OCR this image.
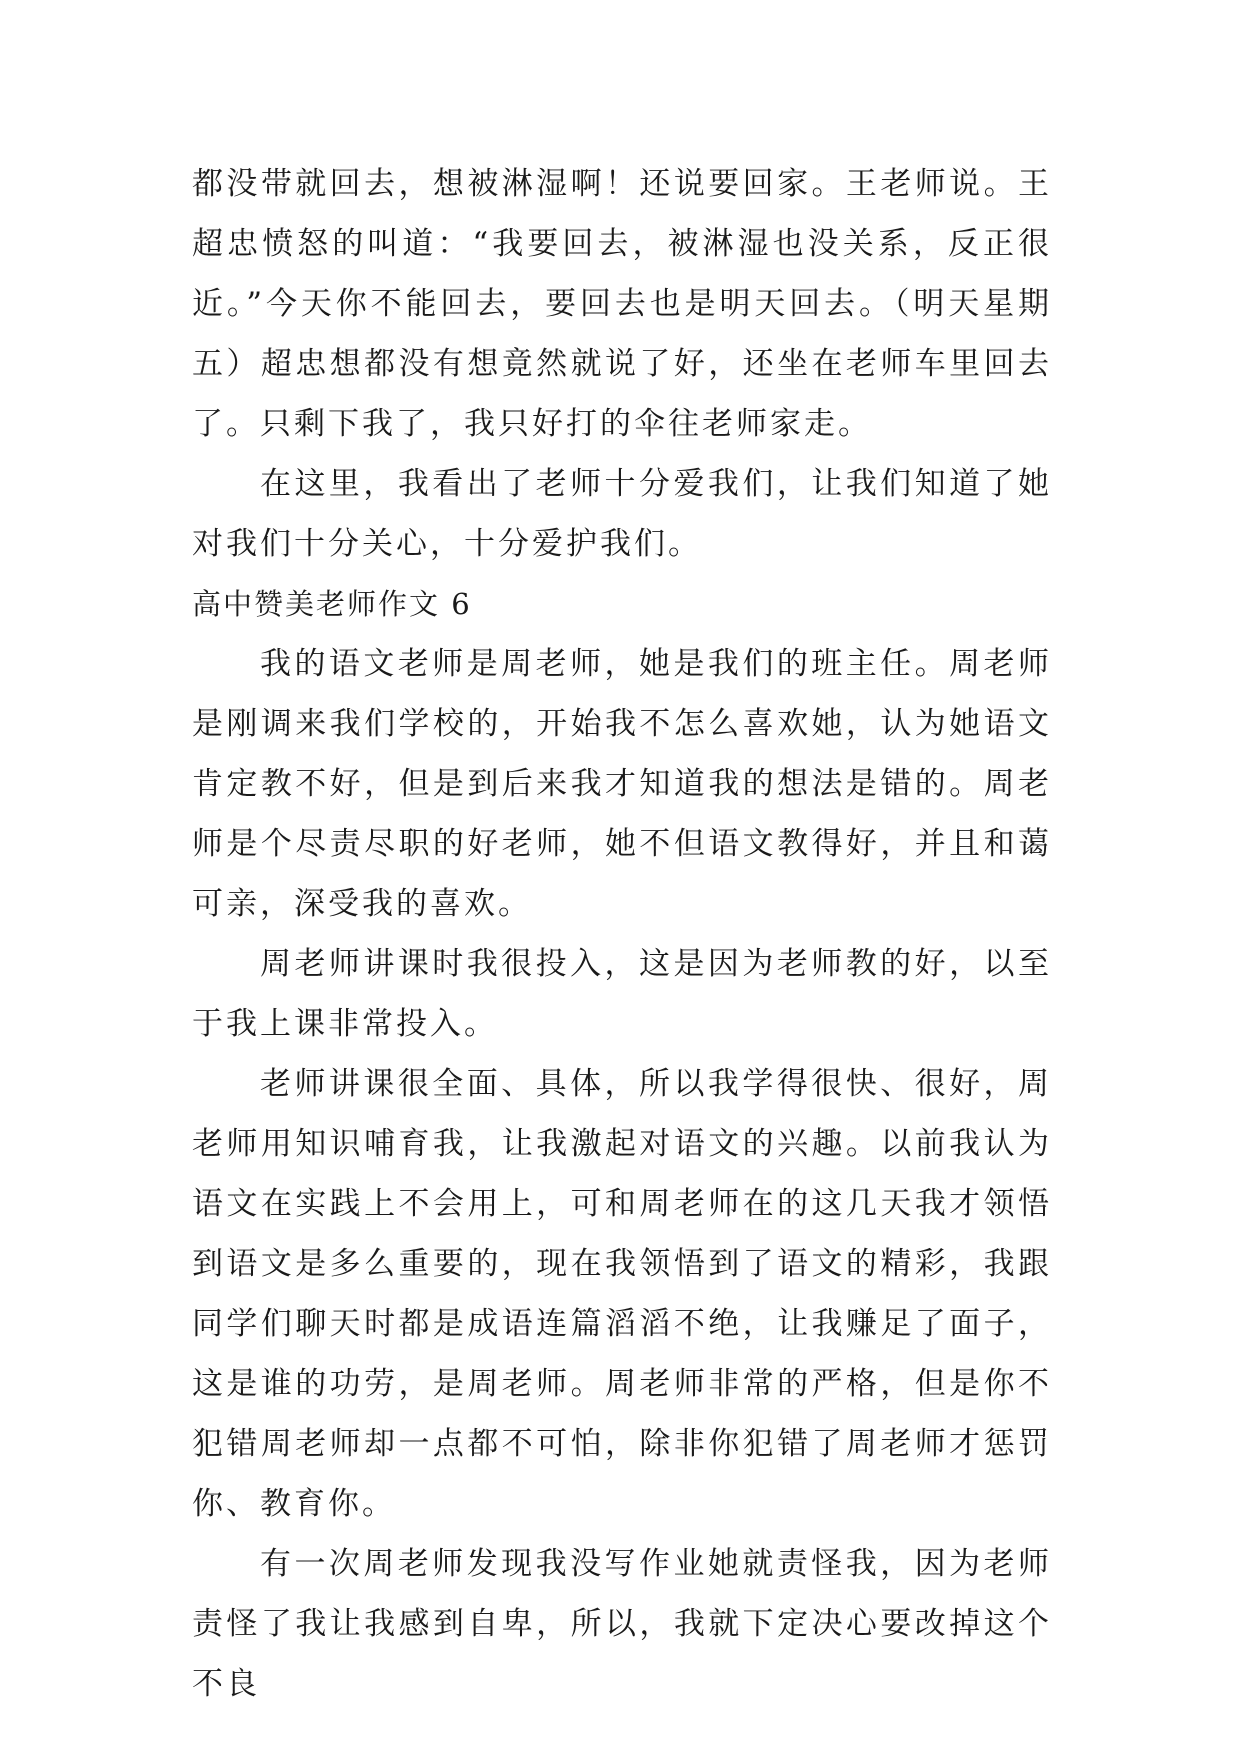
都没带就回去，想被淋湿啊！还说要回家。王老师说。王超忠愤怒的叫道：“我要回去，被淋湿也没关系，反正很近。”今天你不能回去，要回去也是明天回去。（明天星期五）超忠想都没有想竟然就说了好，还坐在老师车里回去了。只剩下我了，我只好打的伞往老师家走。

在这里，我看出了老师十分爱我们，让我们知道了她对我们十分关心，十分爱护我们。

高中赞美老师作文 6

我的语文老师是周老师，她是我们的班主任。周老师是刚调来我们学校的，开始我不怎么喜欢她，认为她语文肯定教不好，但是到后来我才知道我的想法是错的。周老师是个尽责尽职的好老师，她不但语文教得好，并且和蔼可亲，深受我的喜欢。

周老师讲课时我很投入，这是因为老师教的好，以至于我上课非常投入。

老师讲课很全面、具体，所以我学得很快、很好，周老师用知识哺育我，让我激起对语文的兴趣。以前我认为语文在实践上不会用上，可和周老师在的这几天我才领悟到语文是多么重要的，现在我领悟到了语文的精彩，我跟同学们聊天时都是成语连篇滔滔不绝，让我赚足了面子，这是谁的功劳，是周老师。周老师非常的严格，但是你不犯错周老师却一点都不可怕，除非你犯错了周老师才惩罚你、教育你。

有一次周老师发现我没写作业她就责怪我，因为老师责怪了我让我感到自卑，所以，我就下定决心要改掉这个不良
